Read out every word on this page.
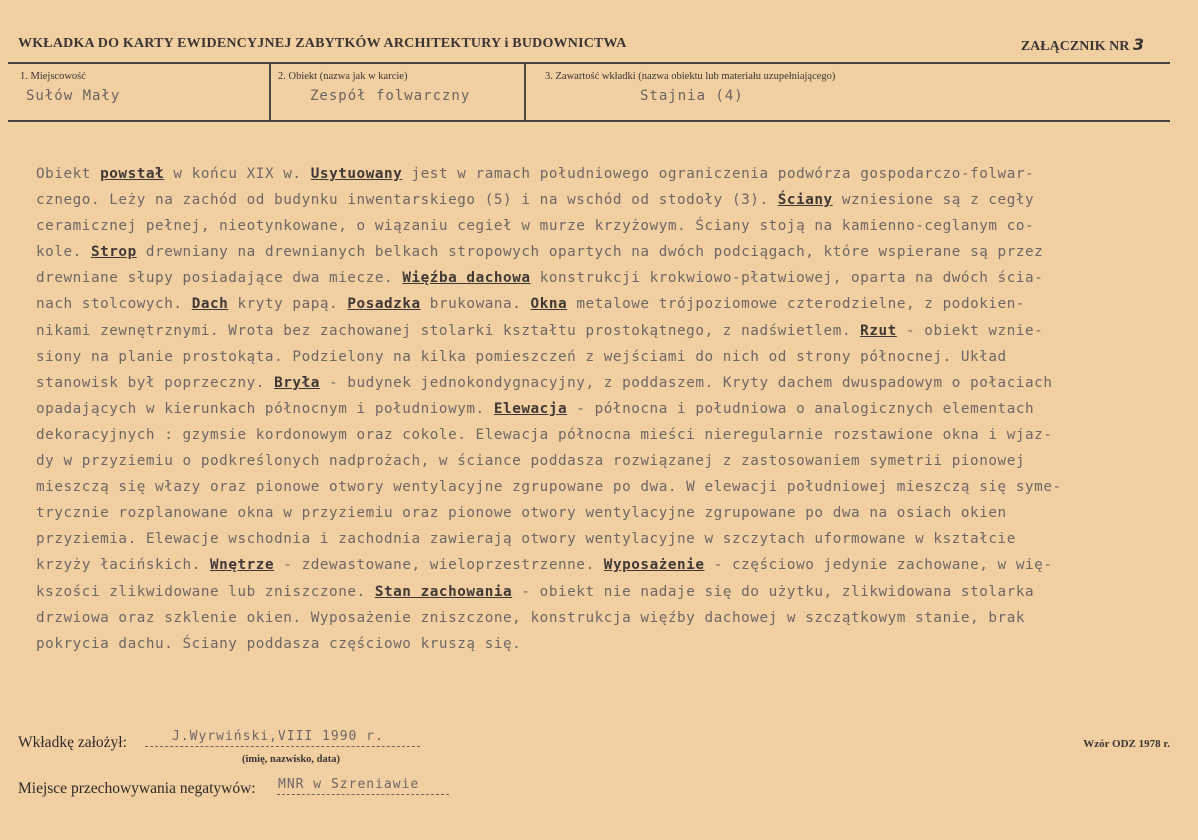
WKŁADKA DO KARTY EWIDENCYJNEJ ZABYTKÓW ARCHITEKTURY i BUDOWNICTWA	ZAŁĄCZNIK NR 3
1. Miejscowość
Sułów Mały
2. Obiekt (nazwa jak w karcie)
Zespół folwarczny
3. Zawartość wkładki (nazwa obiektu lub materiału uzupełniającego)
Stajnia (4)
Obiekt powstał w końcu XIX w. Usytuowany jest w ramach południowego ograniczenia podwórza gospodarczo-folwar-
cznego. Leży na zachód od budynku inwentarskiego (5) i na wschód od stodoły (3). Ściany wzniesione są z cegły
ceramicznej pełnej, nieotynkowane, o wiązaniu cegieł w murze krzyżowym. Ściany stoją na kamienno-ceglanym co-
kole. Strop drewniany na drewnianych belkach stropowych opartych na dwóch podciągach, które wspierane są przez
drewniane słupy posiadające dwa miecze. Więźba dachowa konstrukcji krokwiowo-płatwiowej, oparta na dwóch ścia-
nach stolcowych. Dach kryty papą. Posadzka brukowana. Okna metalowe trójpoziomowe czterodzielne, z podokien-
nikami zewnętrznymi. Wrota bez zachowanej stolarki kształtu prostokątnego, z nadświetlem. Rzut - obiekt wznie-
siony na planie prostokąta. Podzielony na kilka pomieszczeń z wejściami do nich od strony północnej. Układ
stanowisk był poprzeczny. Bryła - budynek jednokondygnacyjny, z poddaszem. Kryty dachem dwuspadowym o połaciach
opadających w kierunkach północnym i południowym. Elewacja - północna i południowa o analogicznych elementach
dekoracyjnych : gzymsie kordonowym oraz cokole. Elewacja północna mieści nieregularnie rozstawione okna i wjaz-
dy w przyziemiu o podkreślonych nadprożach, w ściance poddasza rozwiązanej z zastosowaniem symetrii pionowej
mieszczą się włazy oraz pionowe otwory wentylacyjne zgrupowane po dwa. W elewacji południowej mieszczą się syme-
trycznie rozplanowane okna w przyziemiu oraz pionowe otwory wentylacyjne zgrupowane po dwa na osiach okien
przyziemia. Elewacje wschodnia i zachodnia zawierają otwory wentylacyjne w szczytach uformowane w kształcie
krzyży łacińskich. Wnętrze - zdewastowane, wieloprzestrzenne. Wyposażenie - częściowo jedynie zachowane, w wię-
kszości zlikwidowane lub zniszczone. Stan zachowania - obiekt nie nadaje się do użytku, zlikwidowana stolarka
drzwiowa oraz szklenie okien. Wyposażenie zniszczone, konstrukcja więźby dachowej w szczątkowym stanie, brak
pokrycia dachu. Ściany poddasza częściowo kruszą się.
Wkładkę założył:	J.Wyrwiński,VIII 1990 r.
(imię, nazwisko, data)
Wzór ODZ 1978 r.
Miejsce przechowywania negatywów: MNR w Szreniawie
